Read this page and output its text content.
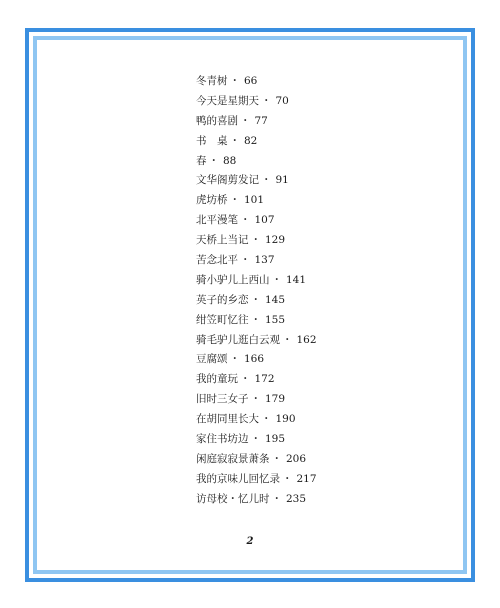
冬青树 ・ 66
今天是星期天 ・ 70
鸭的喜剧 ・ 77
书　桌 ・ 82
春 ・ 88
文华阁剪发记 ・ 91
虎坊桥 ・ 101
北平漫笔 ・ 107
天桥上当记 ・ 129
苦念北平 ・ 137
骑小驴儿上西山 ・ 141
英子的乡恋 ・ 145
绀笠町忆往 ・ 155
骑毛驴儿逛白云观 ・ 162
豆腐颂 ・ 166
我的童玩 ・ 172
旧时三女子 ・ 179
在胡同里长大 ・ 190
家住书坊边 ・ 195
闲庭寂寂景萧条 ・ 206
我的京味儿回忆录 ・ 217
访母校・忆儿时 ・ 235
2
